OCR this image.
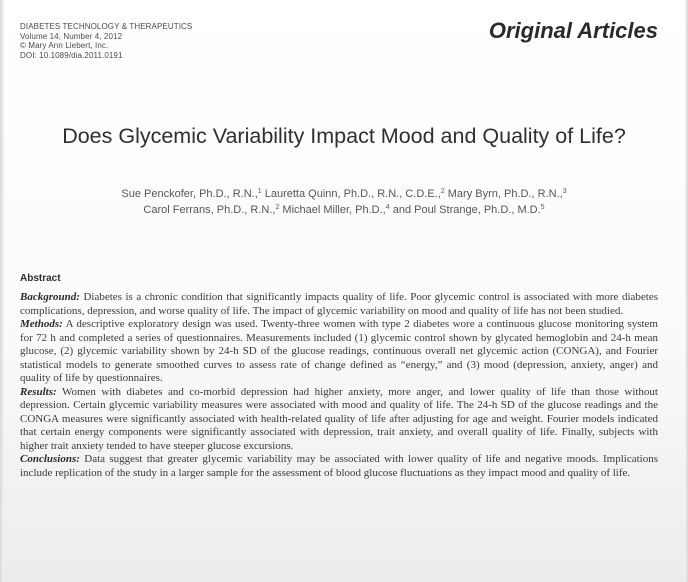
DIABETES TECHNOLOGY & THERAPEUTICS
Volume 14, Number 4, 2012
© Mary Ann Liebert, Inc.
DOI: 10.1089/dia.2011.0191
Original Articles
Does Glycemic Variability Impact Mood and Quality of Life?
Sue Penckofer, Ph.D., R.N.,$^1$ Lauretta Quinn, Ph.D., R.N., C.D.E.,$^2$ Mary Byrn, Ph.D., R.N.,$^3$
Carol Ferrans, Ph.D., R.N.,$^2$ Michael Miller, Ph.D.,$^4$ and Poul Strange, Ph.D., M.D.$^5$
Abstract

Background: Diabetes is a chronic condition that significantly impacts quality of life. Poor glycemic control is associated with more diabetes complications, depression, and worse quality of life. The impact of glycemic variability on mood and quality of life has not been studied.

Methods: A descriptive exploratory design was used. Twenty-three women with type 2 diabetes wore a continuous glucose monitoring system for 72 h and completed a series of questionnaires. Measurements included (1) glycemic control shown by glycated hemoglobin and 24-h mean glucose, (2) glycemic variability shown by 24-h SD of the glucose readings, continuous overall net glycemic action (CONGA), and Fourier statistical models to generate smoothed curves to assess rate of change defined as “energy,” and (3) mood (depression, anxiety, anger) and quality of life by questionnaires.

Results: Women with diabetes and co-morbid depression had higher anxiety, more anger, and lower quality of life than those without depression. Certain glycemic variability measures were associated with mood and quality of life. The 24-h SD of the glucose readings and the CONGA measures were significantly associated with health-related quality of life after adjusting for age and weight. Fourier models indicated that certain energy components were significantly associated with depression, trait anxiety, and overall quality of life. Finally, subjects with higher trait anxiety tended to have steeper glucose excursions.

Conclusions: Data suggest that greater glycemic variability may be associated with lower quality of life and negative moods. Implications include replication of the study in a larger sample for the assessment of blood glucose fluctuations as they impact mood and quality of life.
